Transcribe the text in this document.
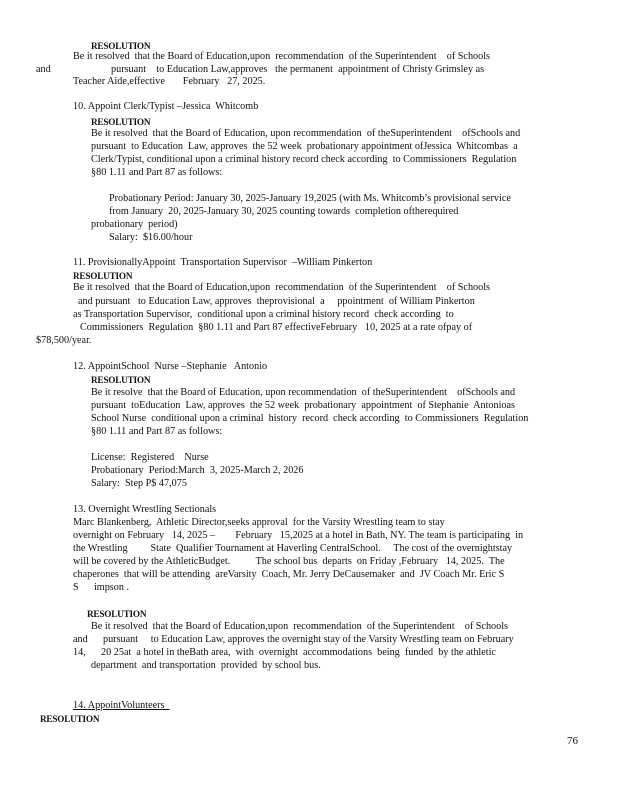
RESOLUTION
Be it resolved  that the Board of Education,upon  recommendation  of the Superintendent    of Schools
and	pursuant    to Education Law,approves   the permanent  appointment of Christy Grimsley as
Teacher Aide,effective       February   27, 2025.
10. Appoint Clerk/Typist –Jessica  Whitcomb
RESOLUTION
Be it resolved  that the Board of Education, upon recommendation  of theSuperintendent    ofSchools and
pursuant  to Education  Law, approves  the 52 week  probationary appointment ofJessica  Whitcombas  a
Clerk/Typist, conditional upon a criminal history record check according  to Commissioners  Regulation
§80 1.11 and Part 87 as follows:
Probationary Period: January 30, 2025-January 19,2025 (with Ms. Whitcomb’s provisional service
from January  20, 2025-January 30, 2025 counting towards  completion oftherequired
probationary  period)
Salary:  $16.00/hour
11. ProvisionallyAppoint  Transportation Supervisor  –William Pinkerton
RESOLUTION
Be it resolved  that the Board of Education,upon  recommendation  of the Superintendent    of Schools
and pursuant   to Education Law, approves  theprovisional  a     ppointment  of William Pinkerton
as Transportation Supervisor,  conditional upon a criminal history record  check according  to
Commissioners  Regulation  §80 1.11 and Part 87 effectiveFebruary   10, 2025 at a rate ofpay of
$78,500/year.
12. AppointSchool  Nurse –Stephanie   Antonio
RESOLUTION
Be it resolve  that the Board of Education, upon recommendation  of theSuperintendent    ofSchools and
pursuant  toEducation  Law, approves  the 52 week  probationary  appointment  of Stephanie  Antonioas
School Nurse  conditional upon a criminal  history  record  check according  to Commissioners  Regulation
§80 1.11 and Part 87 as follows:
License:  Registered    Nurse
Probationary  Period:March  3, 2025-March 2, 2026
Salary:  Step P$ 47,075
13. Overnight Wrestling Sectionals
Marc Blankenberg,  Athletic Director,seeks approval  for the Varsity Wrestling team to stay
overnight on February   14, 2025 –        February   15,2025 at a hotel in Bath, NY. The team is participating  in
the Wrestling         State  Qualifier Tournament at Haverling CentralSchool.     The cost of the overnightstay
will be covered by the AthleticBudget.          The school bus  departs  on Friday ,February   14, 2025.  The
chaperones  that will be attending  areVarsity  Coach, Mr. Jerry DeCausemaker  and  JV Coach Mr. Eric S
S      impson .
RESOLUTION
Be it resolved  that the Board of Education,upon  recommendation  of the Superintendent    of Schools
and      pursuant     to Education Law, approves the overnight stay of the Varsity Wrestling team on February
14,      20 25at  a hotel in theBath area,  with  overnight  accommodations  being  funded  by the athletic
department  and transportation  provided  by school bus.
14. AppointVolunteers
RESOLUTION
76
